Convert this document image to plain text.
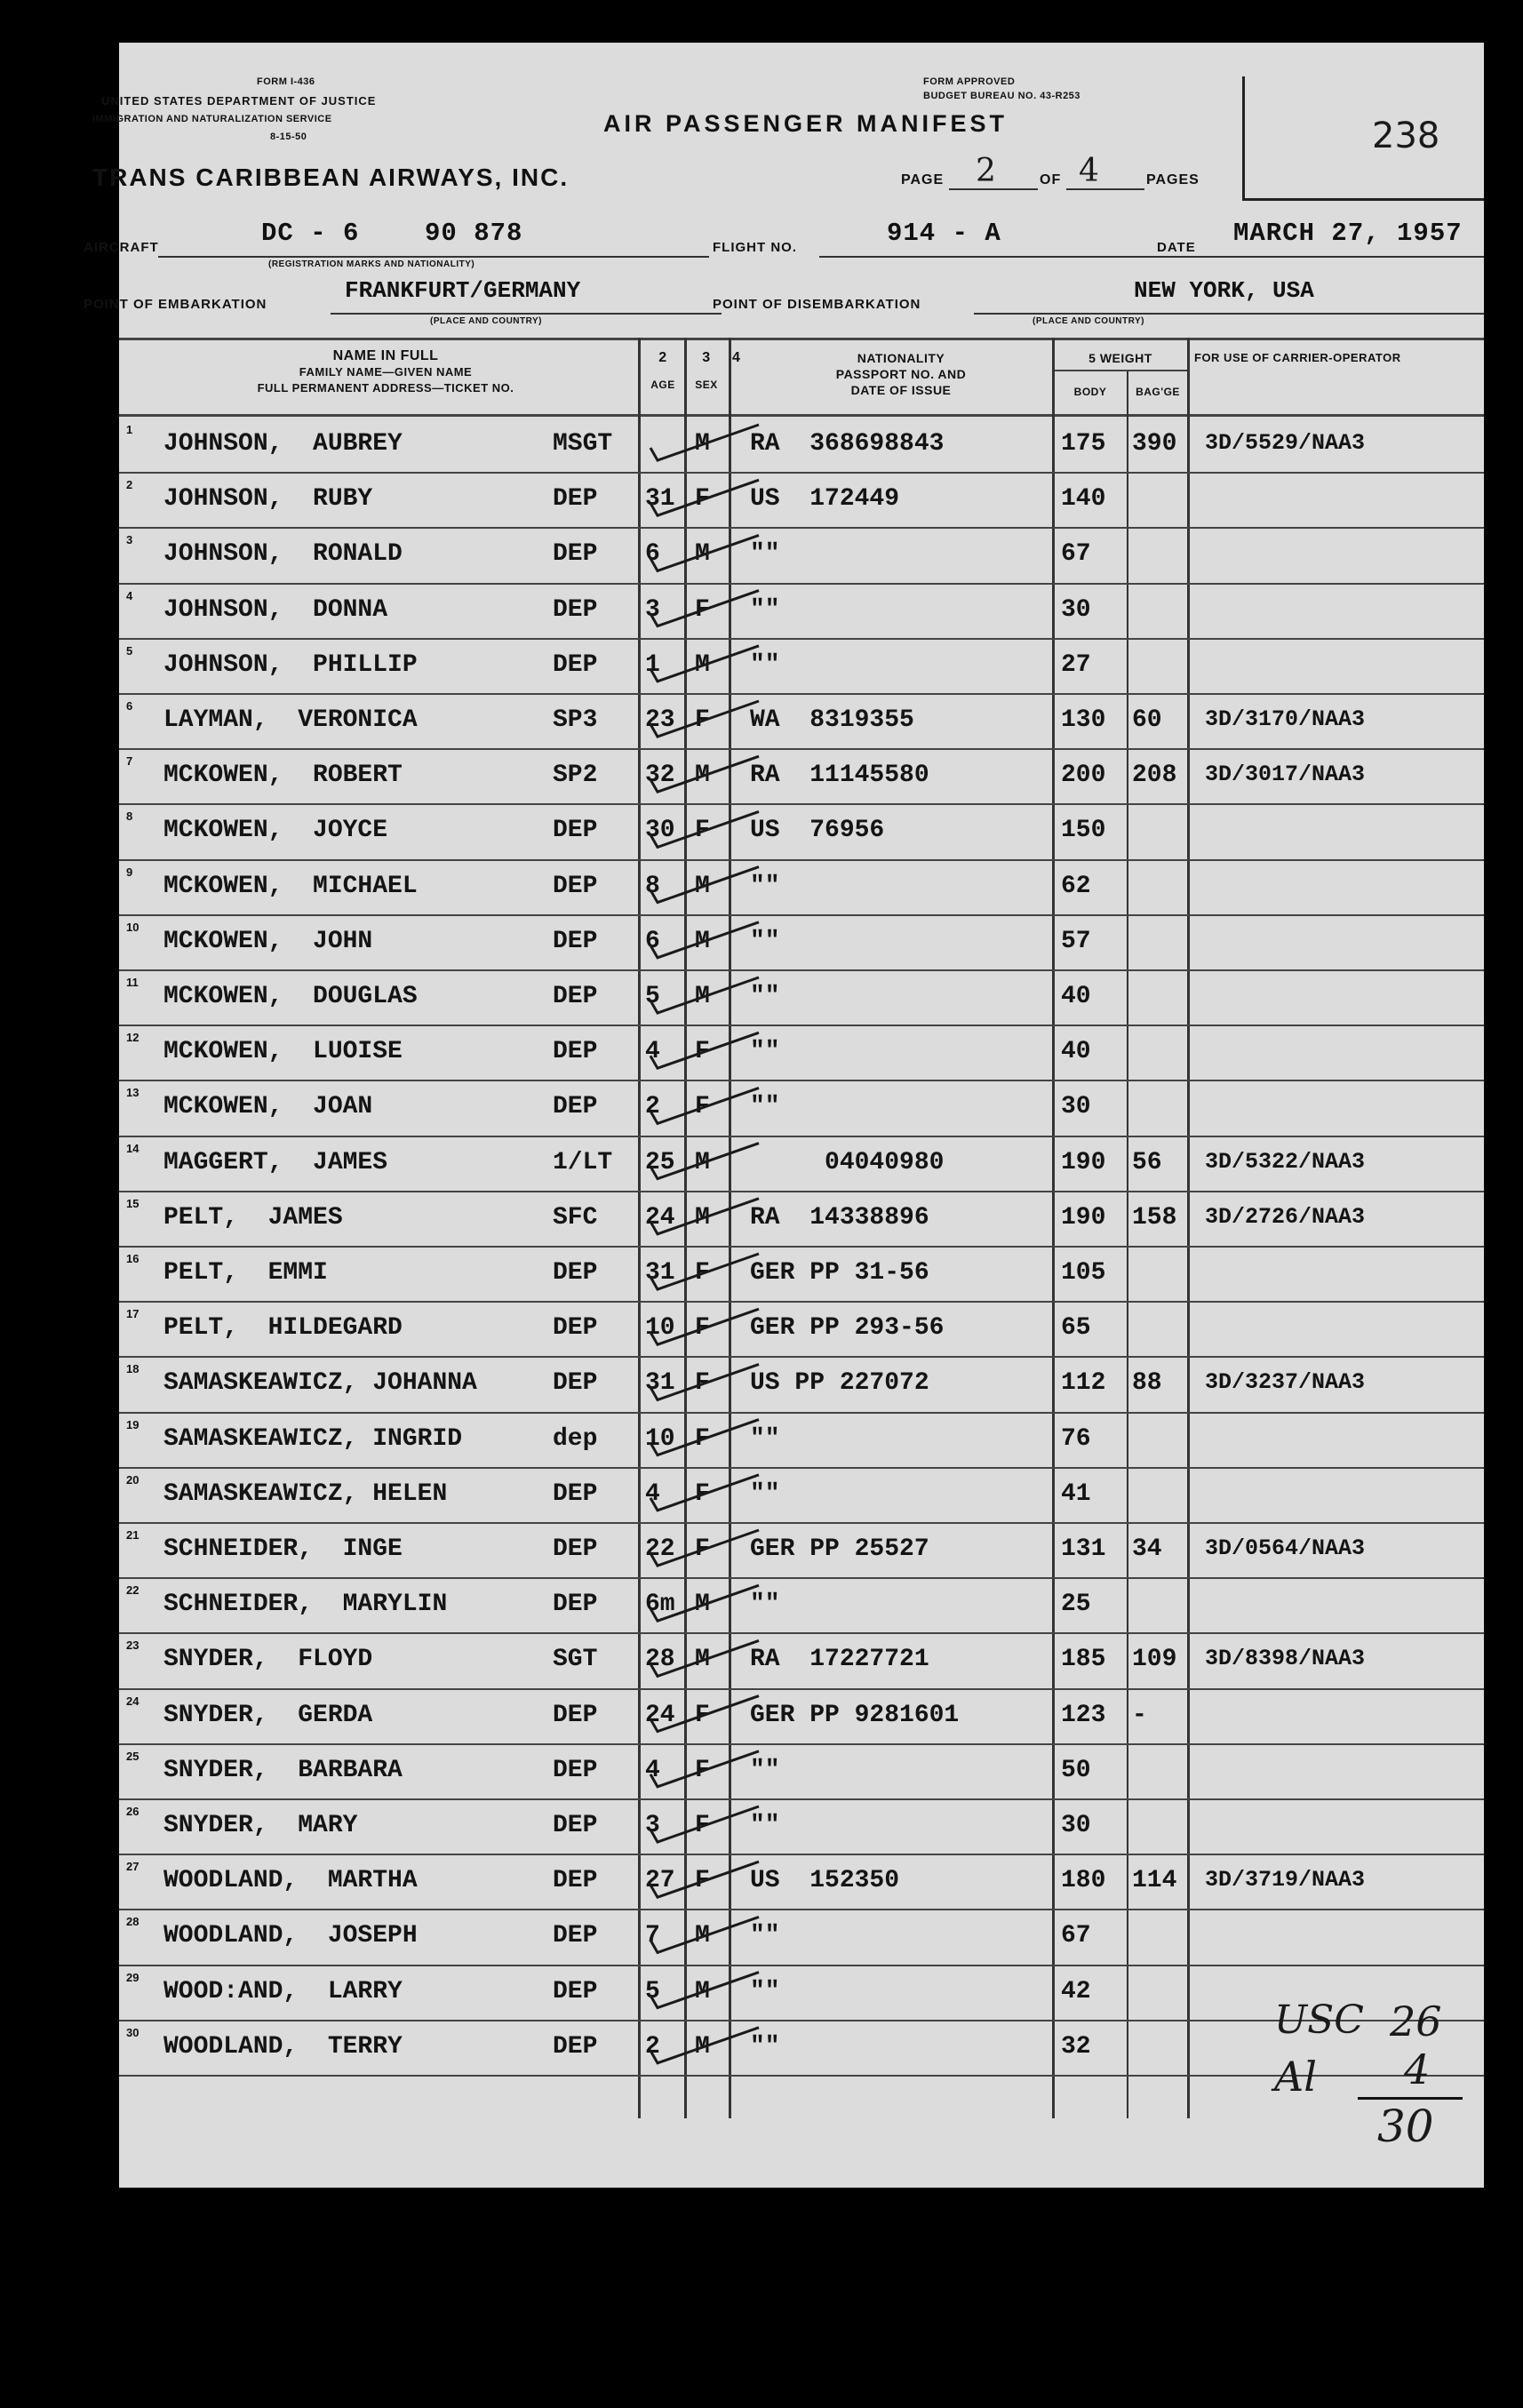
FORM I-436
UNITED STATES DEPARTMENT OF JUSTICE
IMMIGRATION AND NATURALIZATION SERVICE
8-15-50
FORM APPROVED
BUDGET BUREAU NO. 43-R253
AIR PASSENGER MANIFEST	238
TRANS CARIBBEAN AIRWAYS, INC.	PAGE 2	OF 4	PAGES
AIRCRAFT	DC - 6    90 878
(REGISTRATION MARKS AND NATIONALITY)
FLIGHT NO.	914 - A	DATE MARCH 27, 1957
POINT OF EMBARKATION
FRANKFURT/GERMANY
(PLACE AND COUNTRY)
POINT OF DISEMBARKATION
NEW YORK, USA
(PLACE AND COUNTRY)
NAME IN FULL
FAMILY NAME—GIVEN NAME
FULL PERMANENT ADDRESS—TICKET NO.
2
AGE
3
SEX
4	NATIONALITY
PASSPORT NO. AND
DATE OF ISSUE
5 WEIGHT
BODY	BAG'GE
FOR USE OF CARRIER-OPERATOR
1
JOHNSON,  AUBREY	MSGT	M RA  368698843	175 390 3D/5529/NAA3
2
JOHNSON,  RUBY	DEP 31 F US  172449	140
3
JOHNSON,  RONALD	DEP 6 M ""	67
4
JOHNSON,  DONNA	DEP 3 F ""	30
5
JOHNSON,  PHILLIP	DEP 1 M ""	27
6
LAYMAN,  VERONICA	SP3 23 F WA  8319355	130 60 3D/3170/NAA3
7
MCKOWEN,  ROBERT	SP2 32 M RA  11145580	200 208 3D/3017/NAA3
8
MCKOWEN,  JOYCE	DEP 30 F US  76956	150
9
MCKOWEN,  MICHAEL	DEP 8 M ""	62
10
MCKOWEN,  JOHN	DEP 6 M ""	57
11
MCKOWEN,  DOUGLAS	DEP 5 M ""	40
12
MCKOWEN,  LUOISE	DEP 4 F ""	40
13
MCKOWEN,  JOAN	DEP 2 F ""	30
14
MAGGERT,  JAMES	1/LT 25 M 04040980	190 56 3D/5322/NAA3
15
PELT,  JAMES	SFC 24 M RA  14338896	190 158 3D/2726/NAA3
16
PELT,  EMMI	DEP 31 F GER PP 31-56	105
17
PELT,  HILDEGARD	DEP 10 F GER PP 293-56	65
18
SAMASKEAWICZ, JOHANNA	DEP 31 F US PP 227072	112 88 3D/3237/NAA3
19
SAMASKEAWICZ, INGRID	dep 10 F ""	76
20
SAMASKEAWICZ, HELEN	DEP 4 F ""	41
21
SCHNEIDER,  INGE	DEP 22 F GER PP 25527	131 34 3D/0564/NAA3
22
SCHNEIDER,  MARYLIN	DEP 6m M ""	25
23
SNYDER,  FLOYD	SGT 28 M RA  17227721	185 109 3D/8398/NAA3
24
SNYDER,  GERDA	DEP 24 F GER PP 9281601	123 -
25
SNYDER,  BARBARA	DEP 4 F ""	50
26
SNYDER,  MARY	DEP 3 F ""	30
27
WOODLAND,  MARTHA	DEP 27 F US  152350	180 114 3D/3719/NAA3
28
WOODLAND,  JOSEPH	DEP 7 M ""	67
29
WOOD:AND,  LARRY	DEP 5 M ""	42
30
WOODLAND,  TERRY	DEP 2 M ""	32
USC 26
Al 4
30
